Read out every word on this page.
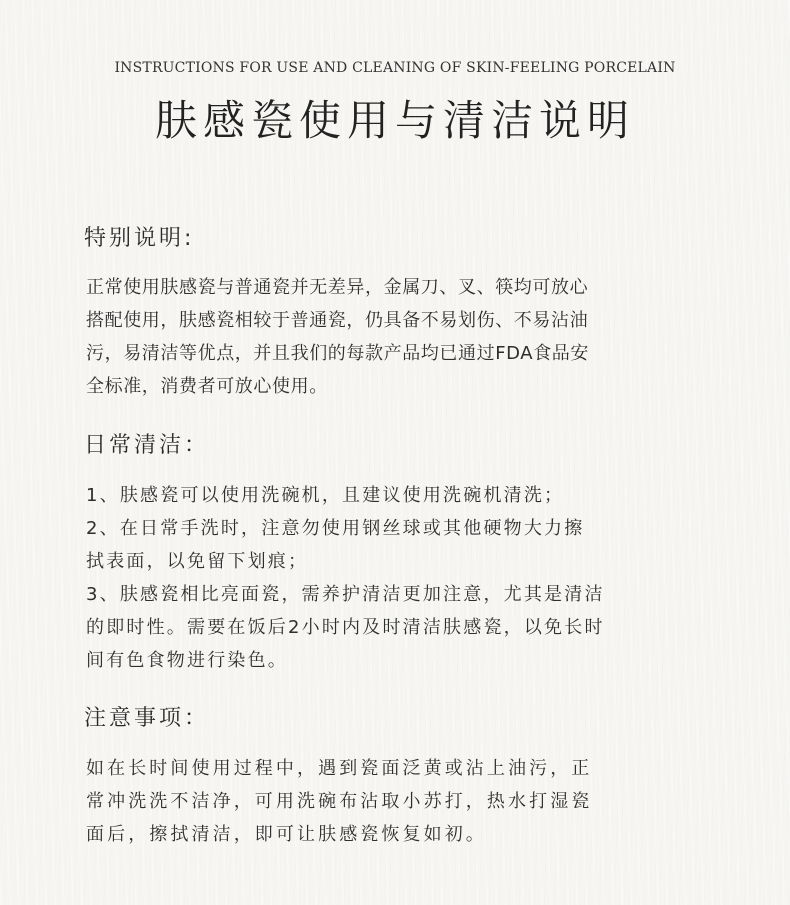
INSTRUCTIONS FOR USE AND CLEANING OF SKIN-FEELING PORCELAIN
肤感瓷使用与清洁说明
特别说明:
正常使用肤感瓷与普通瓷并无差异，金属刀、叉、筷均可放心
搭配使用，肤感瓷相较于普通瓷，仍具备不易划伤、不易沾油
污，易清洁等优点，并且我们的每款产品均已通过FDA食品安
全标准，消费者可放心使用。
日常清洁：
1、肤感瓷可以使用洗碗机，且建议使用洗碗机清洗；
2、在日常手洗时，注意勿使用钢丝球或其他硬物大力擦
拭表面，以免留下划痕；
3、肤感瓷相比亮面瓷，需养护清洁更加注意，尤其是清洁
的即时性。需要在饭后2小时内及时清洁肤感瓷，以免长时
间有色食物进行染色。
注意事项：
如在长时间使用过程中，遇到瓷面泛黄或沾上油污，正
常冲洗洗不洁净，可用洗碗布沾取小苏打，热水打湿瓷
面后，擦拭清洁，即可让肤感瓷恢复如初。
